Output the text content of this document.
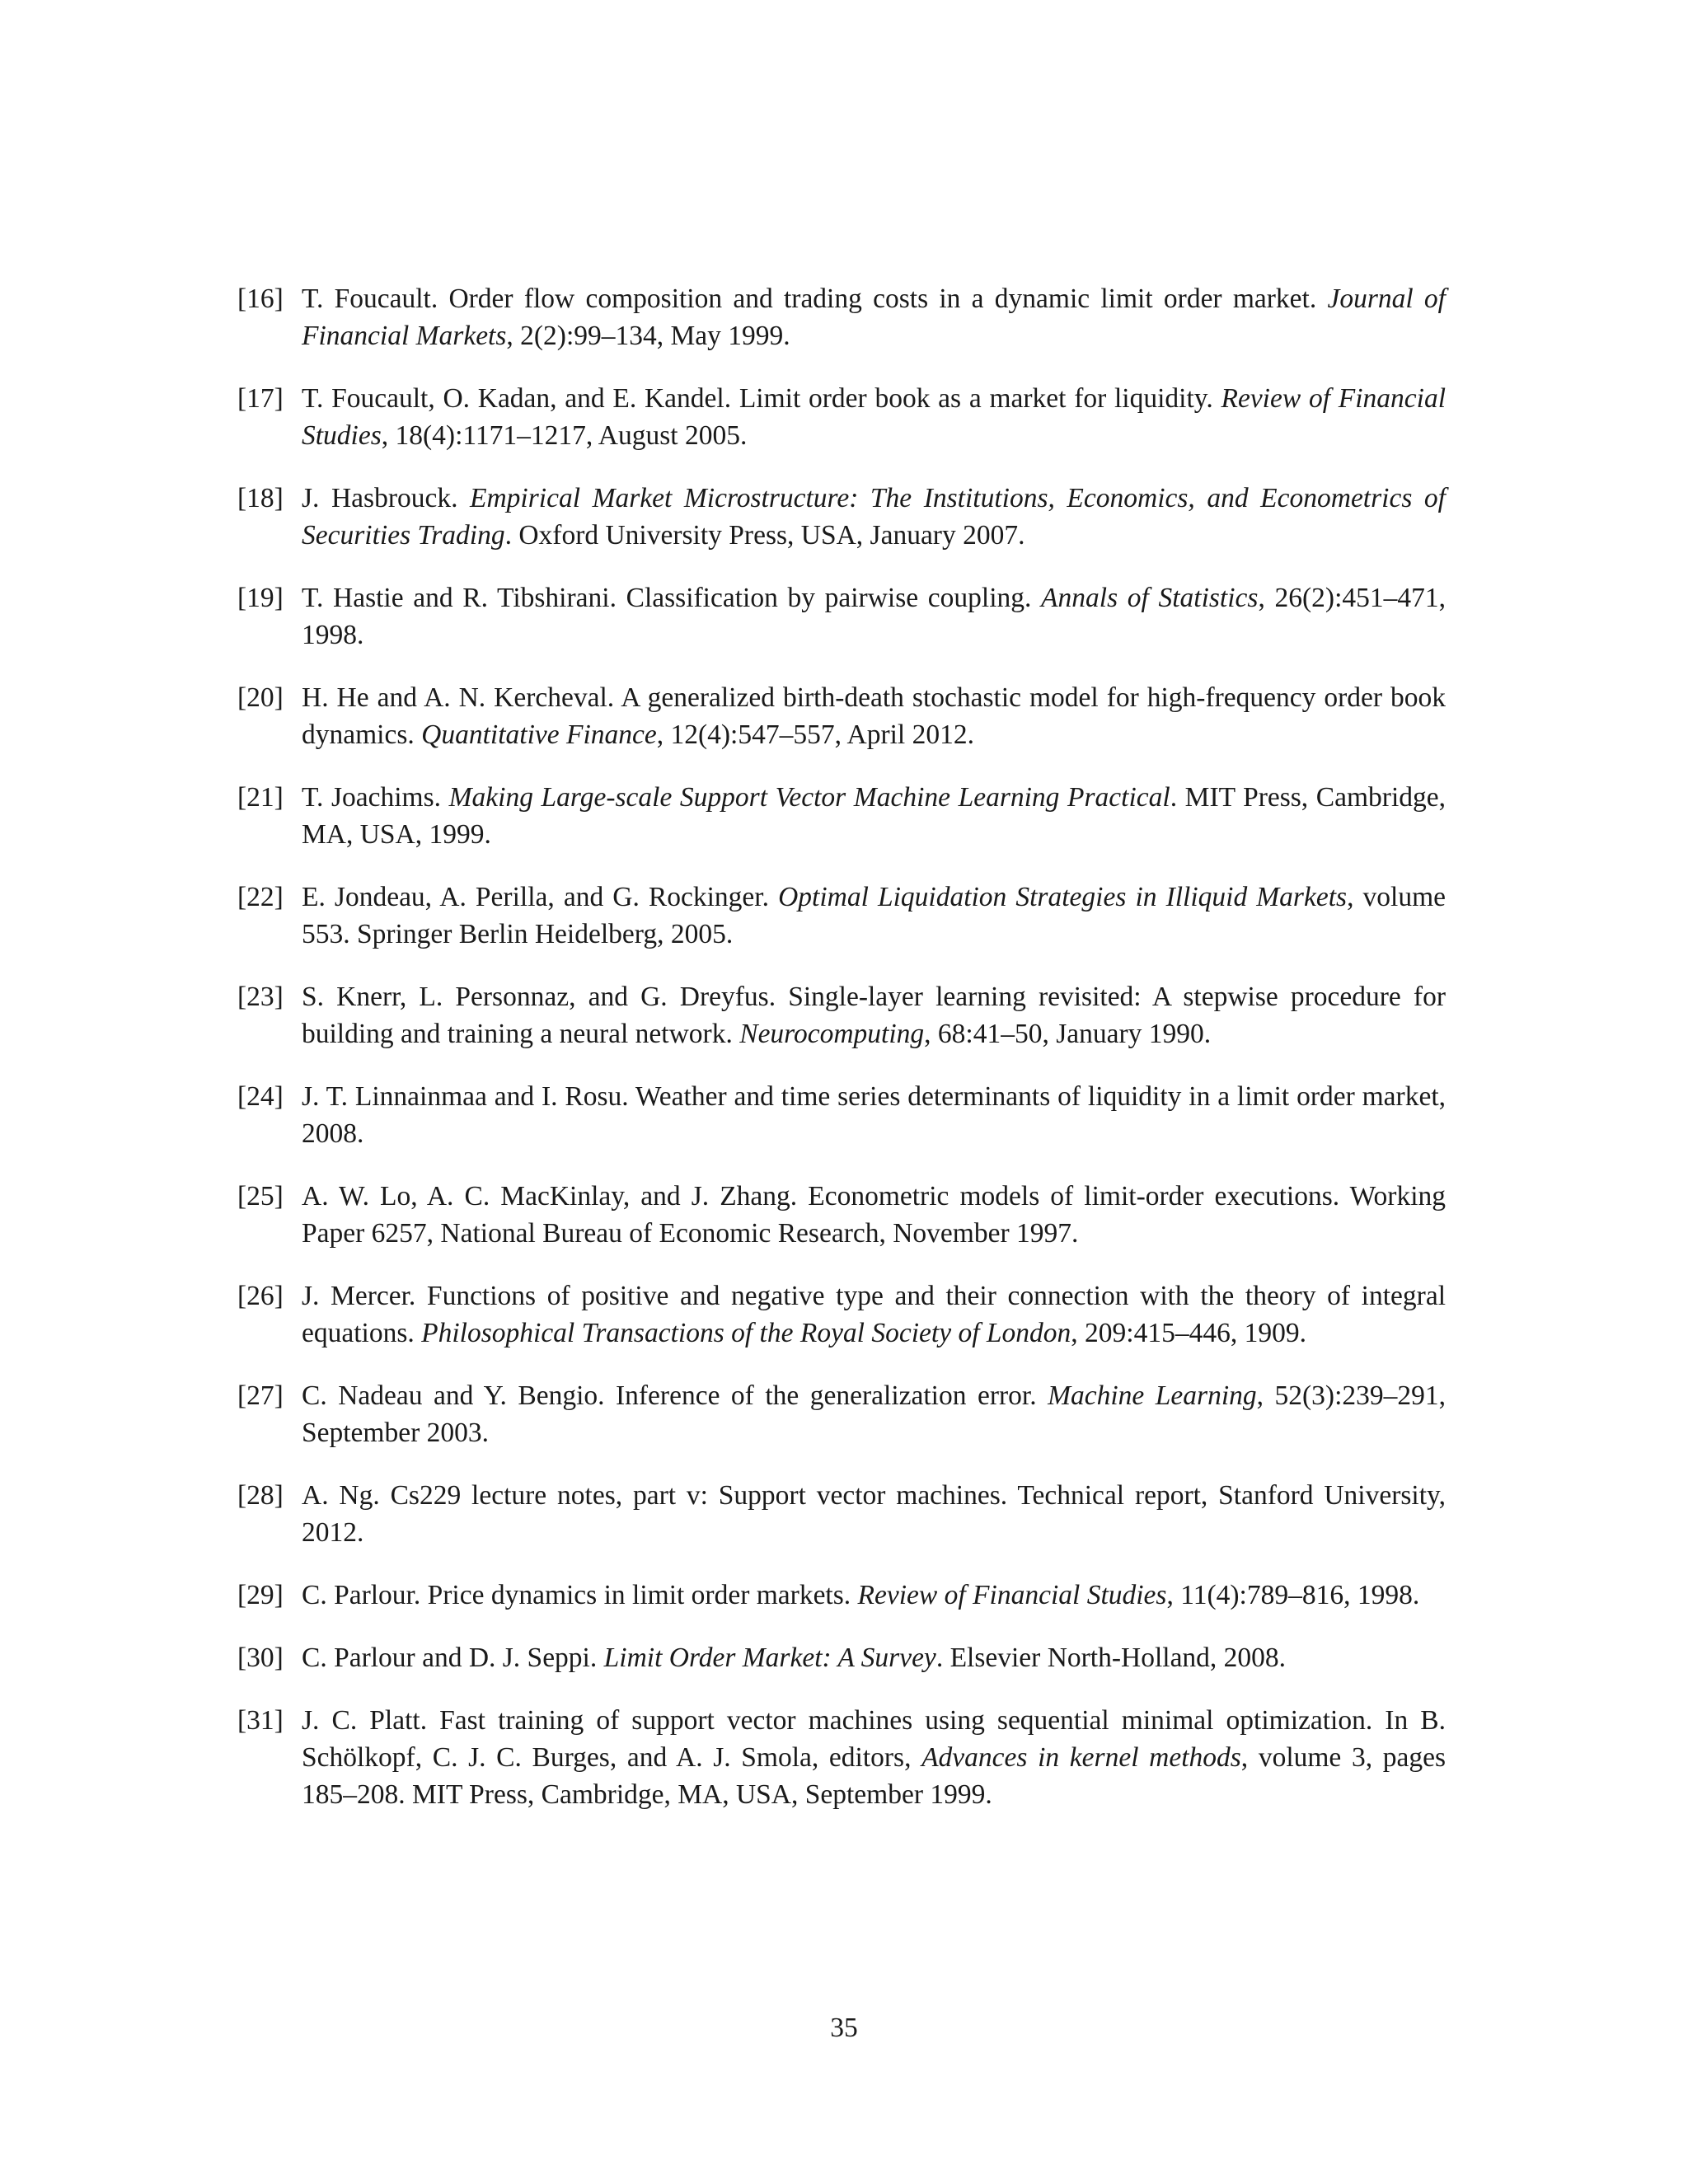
[16] T. Foucault. Order flow composition and trading costs in a dynamic limit order market. Journal of Financial Markets, 2(2):99–134, May 1999.
[17] T. Foucault, O. Kadan, and E. Kandel. Limit order book as a market for liquidity. Review of Financial Studies, 18(4):1171–1217, August 2005.
[18] J. Hasbrouck. Empirical Market Microstructure: The Institutions, Economics, and Econometrics of Securities Trading. Oxford University Press, USA, January 2007.
[19] T. Hastie and R. Tibshirani. Classification by pairwise coupling. Annals of Statistics, 26(2):451–471, 1998.
[20] H. He and A. N. Kercheval. A generalized birth-death stochastic model for high-frequency order book dynamics. Quantitative Finance, 12(4):547–557, April 2012.
[21] T. Joachims. Making Large-scale Support Vector Machine Learning Practical. MIT Press, Cambridge, MA, USA, 1999.
[22] E. Jondeau, A. Perilla, and G. Rockinger. Optimal Liquidation Strategies in Illiquid Markets, volume 553. Springer Berlin Heidelberg, 2005.
[23] S. Knerr, L. Personnaz, and G. Dreyfus. Single-layer learning revisited: A stepwise procedure for building and training a neural network. Neurocomputing, 68:41–50, January 1990.
[24] J. T. Linnainmaa and I. Rosu. Weather and time series determinants of liquidity in a limit order market, 2008.
[25] A. W. Lo, A. C. MacKinlay, and J. Zhang. Econometric models of limit-order executions. Working Paper 6257, National Bureau of Economic Research, November 1997.
[26] J. Mercer. Functions of positive and negative type and their connection with the theory of integral equations. Philosophical Transactions of the Royal Society of London, 209:415–446, 1909.
[27] C. Nadeau and Y. Bengio. Inference of the generalization error. Machine Learning, 52(3):239–291, September 2003.
[28] A. Ng. Cs229 lecture notes, part v: Support vector machines. Technical report, Stanford University, 2012.
[29] C. Parlour. Price dynamics in limit order markets. Review of Financial Studies, 11(4):789–816, 1998.
[30] C. Parlour and D. J. Seppi. Limit Order Market: A Survey. Elsevier North-Holland, 2008.
[31] J. C. Platt. Fast training of support vector machines using sequential minimal optimization. In B. Schölkopf, C. J. C. Burges, and A. J. Smola, editors, Advances in kernel methods, volume 3, pages 185–208. MIT Press, Cambridge, MA, USA, September 1999.
35
